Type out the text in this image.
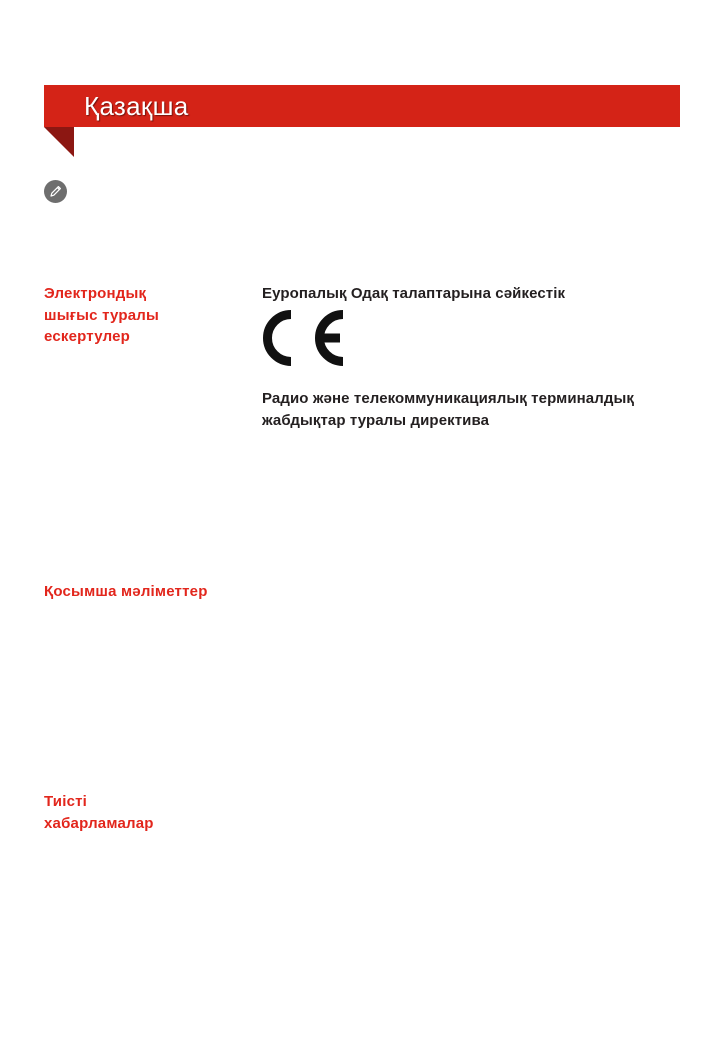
Қазақша
Электрондық
шығыс туралы
ескертулер
Еуропалық Одақ талаптарына сәйкестік
Радио және телекоммуникациялық терминалдық
жабдықтар туралы директива
Қосымша мәліметтер
Тиісті
хабарламалар
